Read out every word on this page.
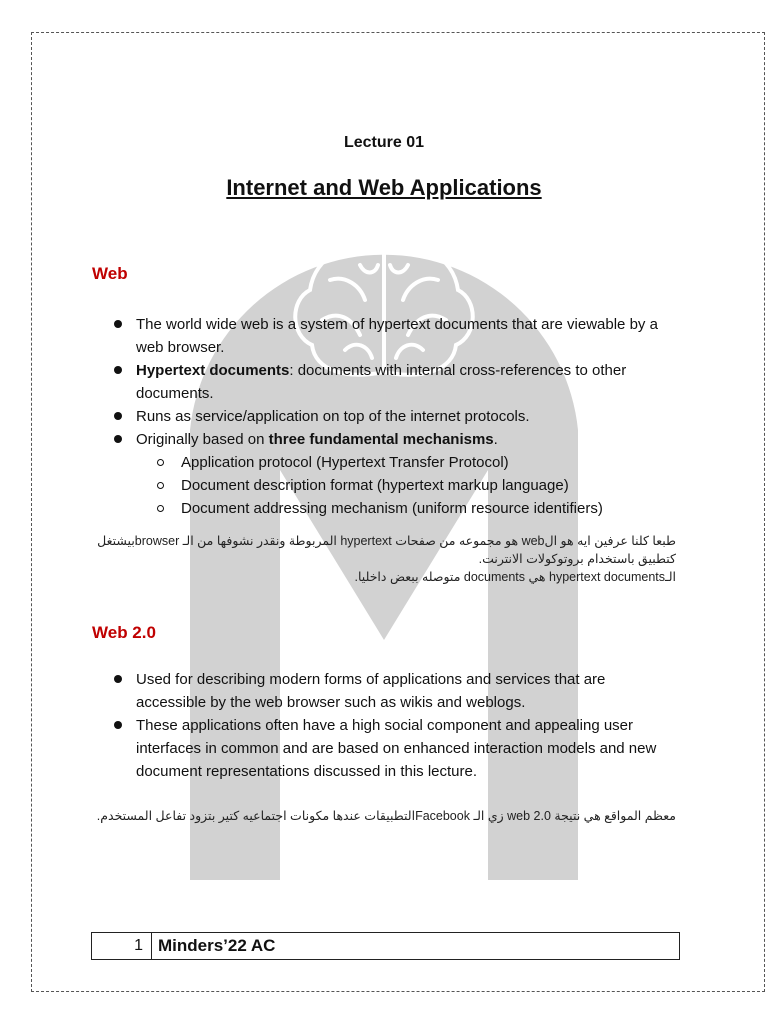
Lecture 01
Internet and Web Applications
Web
The world wide web is a system of hypertext documents that are viewable by a web browser.
Hypertext documents: documents with internal cross-references to other documents.
Runs as service/application on top of the internet protocols.
Originally based on three fundamental mechanisms.
Application protocol (Hypertext Transfer Protocol)
Document description format (hypertext markup language)
Document addressing mechanism (uniform resource identifiers)
طبعا كلنا عرفين ايه هو الweb هو مجموعه من صفحات hypertext المربوطة ونقدر نشوفها من الـ browserبيشتغل كتطبيق باستخدام بروتوكولات الانترنت.
الـhypertext documents هي documents متوصله ببعض داخليا.
Web 2.0
Used for describing modern forms of applications and services that are accessible by the web browser such as wikis and weblogs.
These applications often have a high social component and appealing user interfaces in common and are based on enhanced interaction models and new document representations discussed in this lecture.
معظم المواقع هي نتيجة web 2.0 زي الـ Facebookالتطبيقات عندها مكونات اجتماعيه كتير بتزود تفاعل المستخدم.
1 Minders’22 AC
